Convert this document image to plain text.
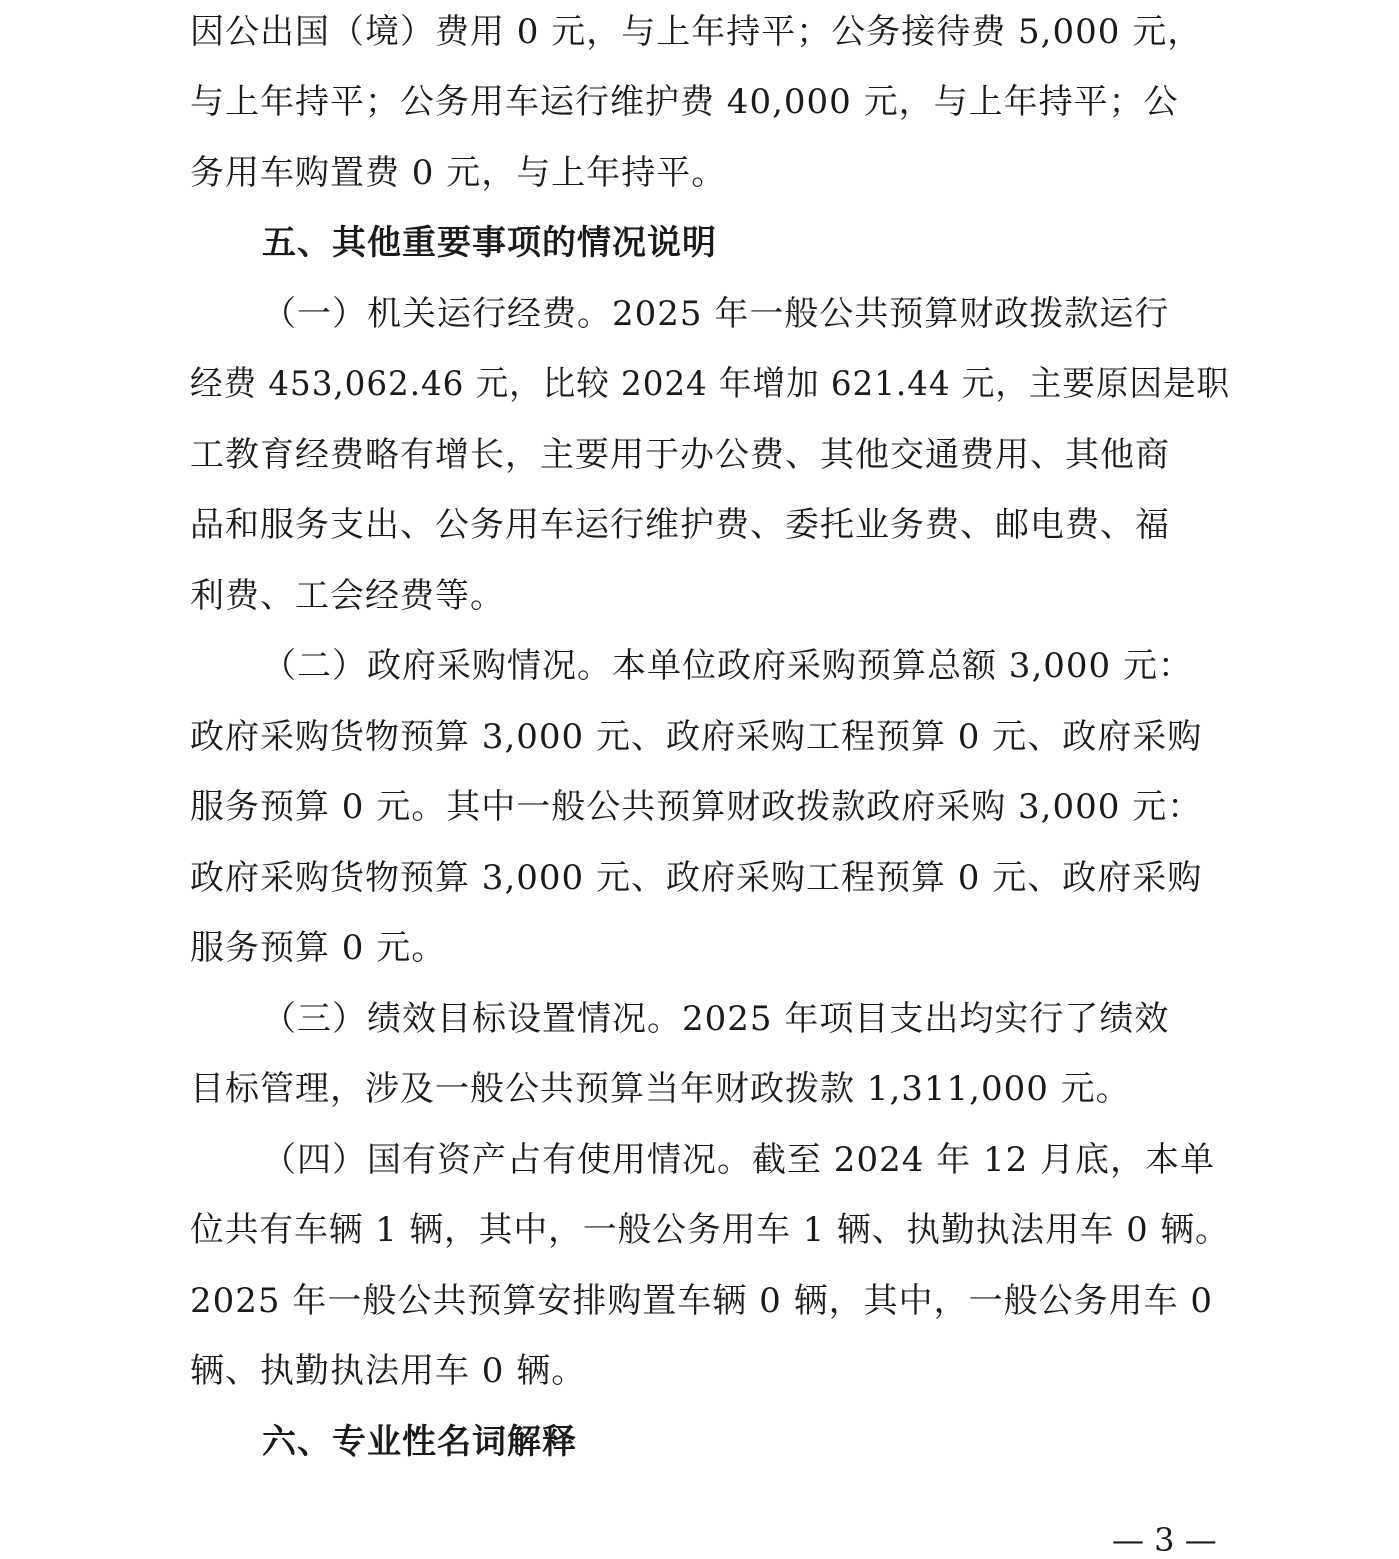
因公出国（境）费用 0 元，与上年持平；公务接待费 5,000 元，
与上年持平；公务用车运行维护费 40,000 元，与上年持平；公
务用车购置费 0 元，与上年持平。
五、其他重要事项的情况说明
（一）机关运行经费。2025 年一般公共预算财政拨款运行
经费 453,062.46 元，比较 2024 年增加 621.44 元，主要原因是职
工教育经费略有增长，主要用于办公费、其他交通费用、其他商
品和服务支出、公务用车运行维护费、委托业务费、邮电费、福
利费、工会经费等。
（二）政府采购情况。本单位政府采购预算总额 3,000 元：
政府采购货物预算 3,000 元、政府采购工程预算 0 元、政府采购
服务预算 0 元。其中一般公共预算财政拨款政府采购 3,000 元：
政府采购货物预算 3,000 元、政府采购工程预算 0 元、政府采购
服务预算 0 元。
（三）绩效目标设置情况。2025 年项目支出均实行了绩效
目标管理，涉及一般公共预算当年财政拨款 1,311,000 元。
（四）国有资产占有使用情况。截至 2024 年 12 月底，本单
位共有车辆 1 辆，其中，一般公务用车 1 辆、执勤执法用车 0 辆。
2025 年一般公共预算安排购置车辆 0 辆，其中，一般公务用车 0
辆、执勤执法用车 0 辆。
六、专业性名词解释
— 3 —
